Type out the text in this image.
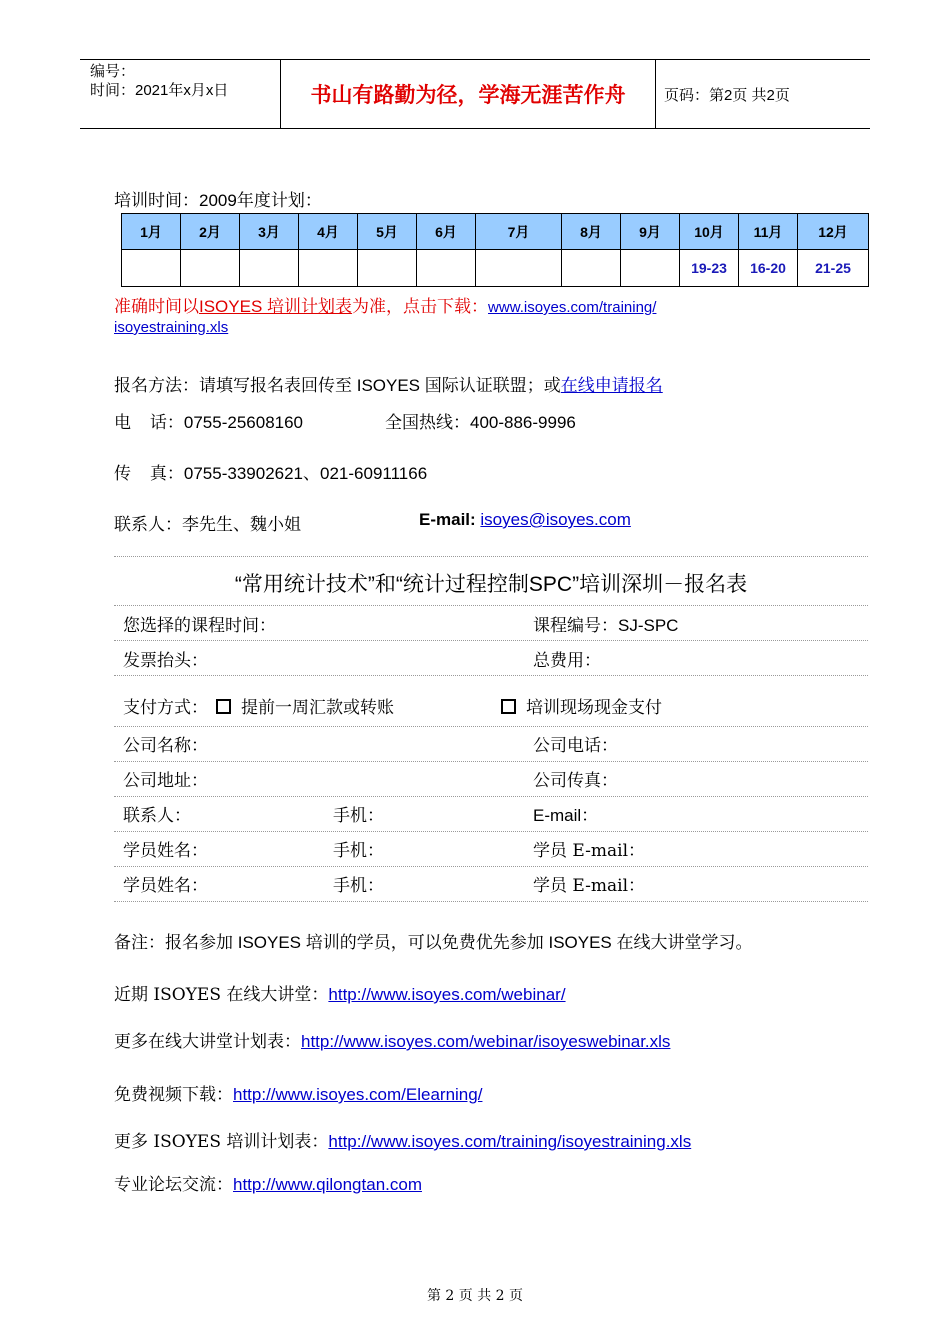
编号：
时间：2021年x月x日	书山有路勤为径，学海无涯苦作舟	页码：第2页 共2页
培训时间：2009年度计划：
1月	2月	3月	4月	5月	6月	7月	8月	9月	10月	11月	12月
									19-23	16-20	21-25
准确时间以ISOYES 培训计划表为准，点击下载：www.isoyes.com/training/
isoyestraining.xls
报名方法：请填写报名表回传至 ISOYES 国际认证联盟；或在线申请报名
电    话：0755-25608160	全国热线：400-886-9996
传    真：0755-33902621、021-60911166
联系人：李先生、魏小姐	E-mail: isoyes@isoyes.com
“常用统计技术”和“统计过程控制SPC”培训深圳－报名表
您选择的课程时间：	课程编号：SJ-SPC
发票抬头：	总费用：
支付方式： 提前一周汇款或转账	培训现场现金支付
公司名称：	公司电话：
公司地址：	公司传真：
联系人：	手机：	E-mail：
学员姓名：	手机：	学员 E-mail：
学员姓名：	手机：	学员 E-mail：
备注：报名参加 ISOYES 培训的学员，可以免费优先参加 ISOYES 在线大讲堂学习。
近期 ISOYES 在线大讲堂：http://www.isoyes.com/webinar/
更多在线大讲堂计划表：http://www.isoyes.com/webinar/isoyeswebinar.xls
免费视频下载：http://www.isoyes.com/Elearning/
更多 ISOYES 培训计划表：http://www.isoyes.com/training/isoyestraining.xls
专业论坛交流：http://www.qilongtan.com
第 2 页 共 2 页
